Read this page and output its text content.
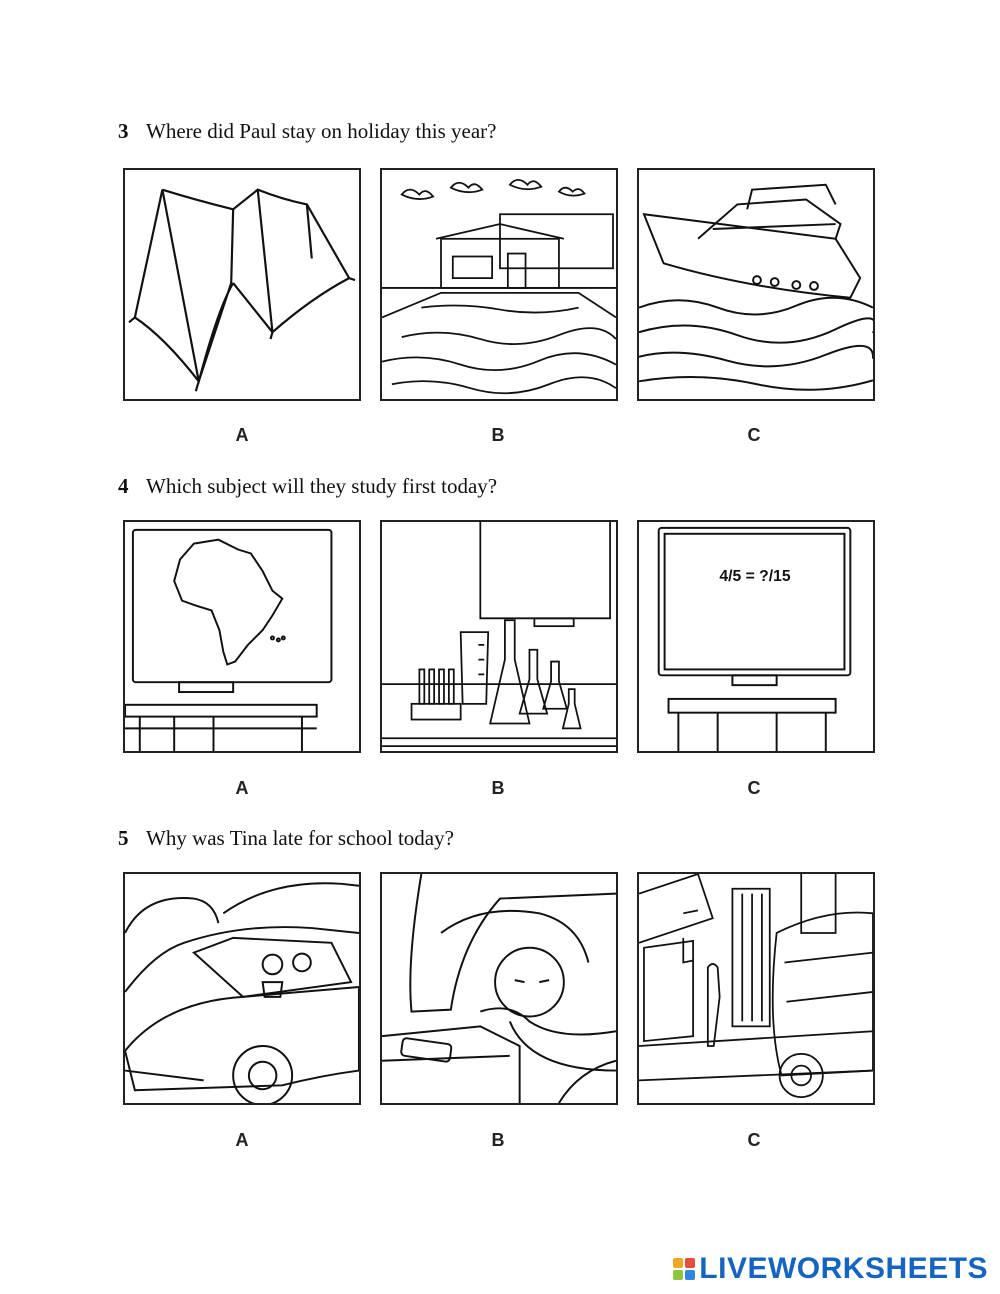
3 Where did Paul stay on holiday this year?
A	B	C
4 Which subject will they study first today?
4/5 = ?/15
A	B	C
5 Why was Tina late for school today?
A	B	C
LIVEWORKSHEETS
